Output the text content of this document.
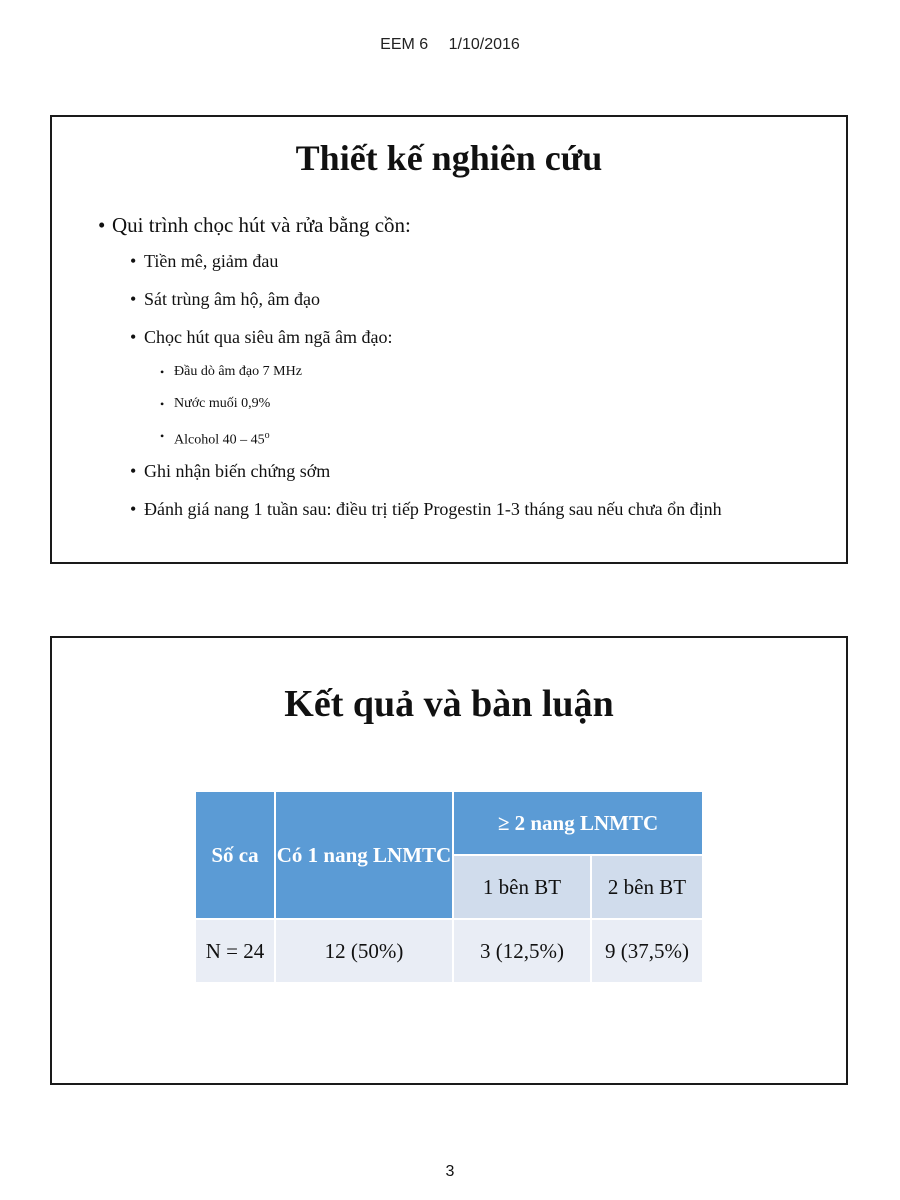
EEM 6 1/10/2016
Thiết kế nghiên cứu
• Qui trình chọc hút và rửa bằng cồn:
• Tiền mê, giảm đau
• Sát trùng âm hộ, âm đạo
• Chọc hút qua siêu âm ngã âm đạo:
• Đầu dò âm đạo 7 MHz
• Nước muối 0,9%
• Alcohol 40 – 45$^o$
• Ghi nhận biến chứng sớm
• Đánh giá nang 1 tuần sau: điều trị tiếp Progestin 1-3 tháng sau nếu chưa ổn định
Kết quả và bàn luận
Số ca	Có 1 nang LNMTC	≥ 2 nang LNMTC	
		1 bên BT	2 bên BT
N = 24	12 (50%)	3 (12,5%)	9 (37,5%)
3
